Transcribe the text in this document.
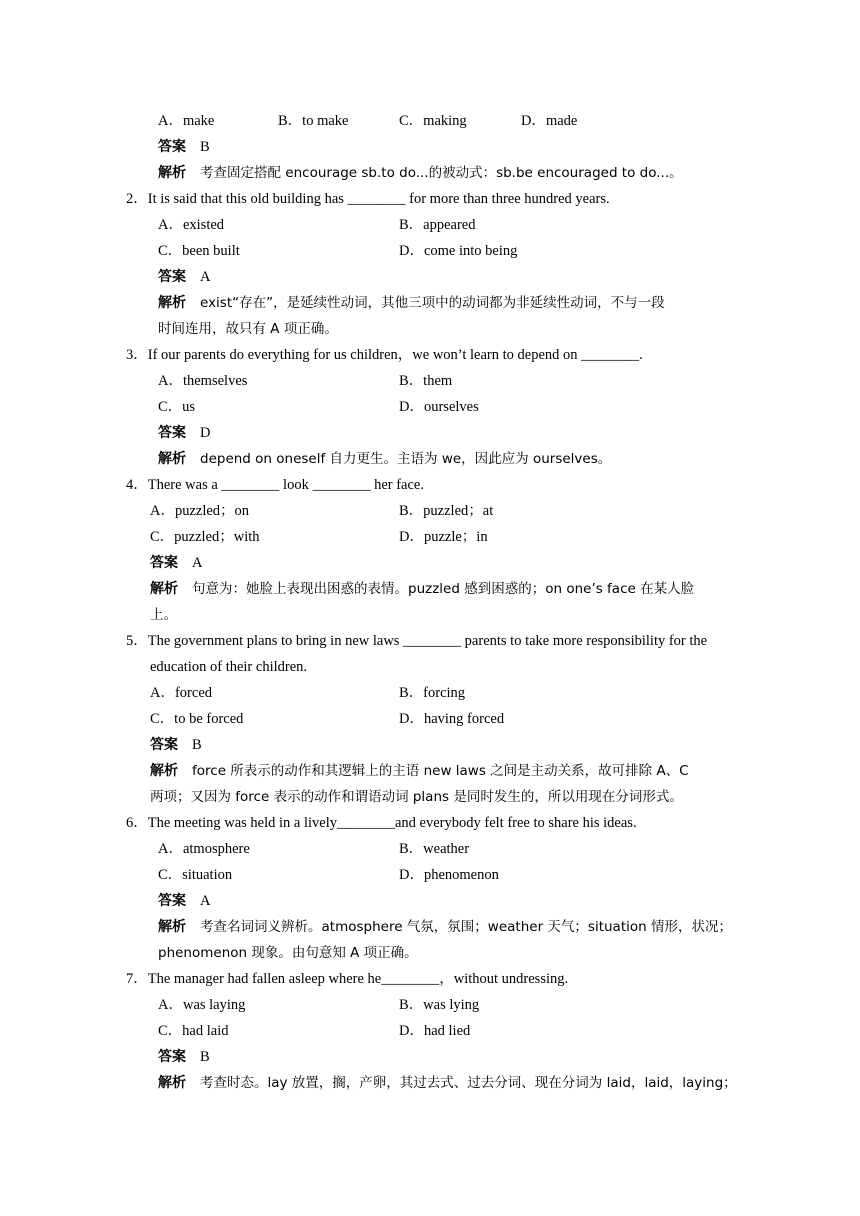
A．make	B．to make	C．making	D．made
答案 B
解析 考查固定搭配 encourage sb.to do...的被动式：sb.be encouraged to do...。
2．It is said that this old building has ________ for more than three hundred years.
A．existed	B．appeared
C．been built	D．come into being
答案 A
解析 exist“存在”，是延续性动词，其他三项中的动词都为非延续性动词，不与一段
时间连用，故只有 A 项正确。
3．If our parents do everything for us children，we won’t learn to depend on ________.
A．themselves	B．them
C．us	D．ourselves
答案 D
解析 depend on oneself 自力更生。主语为 we，因此应为 ourselves。
4．There was a ________ look ________ her face.
A．puzzled；on	B．puzzled；at
C．puzzled；with	D．puzzle；in
答案 A
解析 句意为：她脸上表现出困惑的表情。puzzled 感到困惑的；on one’s face 在某人脸
上。
5．The government plans to bring in new laws ________ parents to take more responsibility for the
education of their children.
A．forced	B．forcing
C．to be forced	D．having forced
答案 B
解析 force 所表示的动作和其逻辑上的主语 new laws 之间是主动关系，故可排除 A、C
两项；又因为 force 表示的动作和谓语动词 plans 是同时发生的，所以用现在分词形式。
6．The meeting was held in a lively________and everybody felt free to share his ideas.
A．atmosphere	B．weather
C．situation	D．phenomenon
答案 A
解析 考查名词词义辨析。atmosphere 气氛，氛围；weather 天气；situation 情形，状况；
phenomenon 现象。由句意知 A 项正确。
7．The manager had fallen asleep where he________，without undressing.
A．was laying	B．was lying
C．had laid	D．had lied
答案 B
解析 考查时态。lay 放置，搁，产卵，其过去式、过去分词、现在分词为 laid，laid，laying；
